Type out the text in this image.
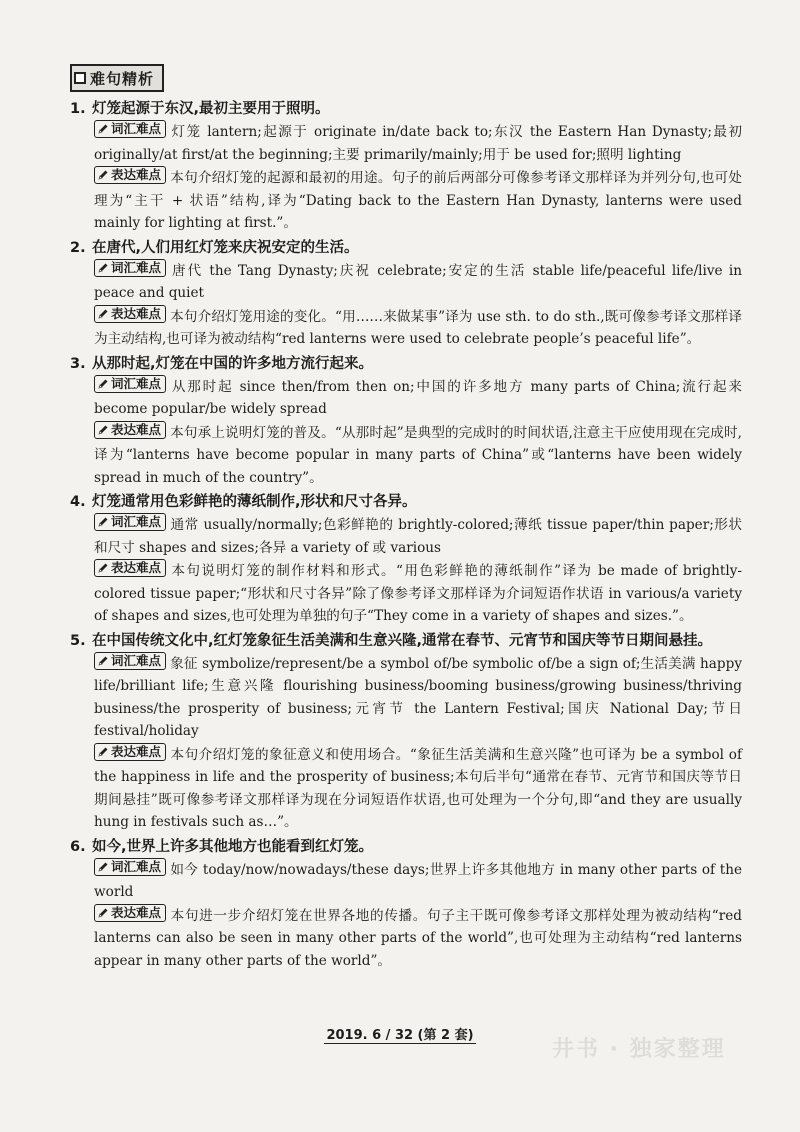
难句精析

1. 灯笼起源于东汉,最初主要用于照明。

词汇难点 灯笼 lantern;起源于 originate in/date back to;东汉 the Eastern Han Dynasty;最初 originally/at first/at the beginning;主要 primarily/mainly;用于 be used for;照明 lighting

表达难点 本句介绍灯笼的起源和最初的用途。句子的前后两部分可像参考译文那样译为并列分句,也可处理为“主干 + 状语”结构,译为“Dating back to the Eastern Han Dynasty, lanterns were used mainly for lighting at first.”。

2. 在唐代,人们用红灯笼来庆祝安定的生活。

词汇难点 唐代 the Tang Dynasty;庆祝 celebrate;安定的生活 stable life/peaceful life/live in peace and quiet

表达难点 本句介绍灯笼用途的变化。“用……来做某事”译为 use sth. to do sth.,既可像参考译文那样译为主动结构,也可译为被动结构“red lanterns were used to celebrate people’s peaceful life”。

3. 从那时起,灯笼在中国的许多地方流行起来。

词汇难点 从那时起 since then/from then on;中国的许多地方 many parts of China;流行起来 become popular/be widely spread

表达难点 本句承上说明灯笼的普及。“从那时起”是典型的完成时的时间状语,注意主干应使用现在完成时,译为“lanterns have become popular in many parts of China”或“lanterns have been widely spread in much of the country”。

4. 灯笼通常用色彩鲜艳的薄纸制作,形状和尺寸各异。

词汇难点 通常 usually/normally;色彩鲜艳的 brightly-colored;薄纸 tissue paper/thin paper;形状和尺寸 shapes and sizes;各异 a variety of 或 various

表达难点 本句说明灯笼的制作材料和形式。“用色彩鲜艳的薄纸制作”译为 be made of brightly-colored tissue paper;“形状和尺寸各异”除了像参考译文那样译为介词短语作状语 in various/a variety of shapes and sizes,也可处理为单独的句子“They come in a variety of shapes and sizes.”。

5. 在中国传统文化中,红灯笼象征生活美满和生意兴隆,通常在春节、元宵节和国庆等节日期间悬挂。

词汇难点 象征 symbolize/represent/be a symbol of/be symbolic of/be a sign of;生活美满 happy life/brilliant life;生意兴隆 flourishing business/booming business/growing business/thriving business/the prosperity of business;元宵节 the Lantern Festival;国庆 National Day;节日 festival/holiday

表达难点 本句介绍灯笼的象征意义和使用场合。“象征生活美满和生意兴隆”也可译为 be a symbol of the happiness in life and the prosperity of business;本句后半句“通常在春节、元宵节和国庆等节日期间悬挂”既可像参考译文那样译为现在分词短语作状语,也可处理为一个分句,即“and they are usually hung in festivals such as…”。

6. 如今,世界上许多其他地方也能看到红灯笼。

词汇难点 如今 today/now/nowadays/these days;世界上许多其他地方 in many other parts of the world

表达难点 本句进一步介绍灯笼在世界各地的传播。句子主干既可像参考译文那样处理为被动结构“red lanterns can also be seen in many other parts of the world”,也可处理为主动结构“red lanterns appear in many other parts of the world”。

2019. 6 / 32 (第 2 套)
井书 · 独家整理
